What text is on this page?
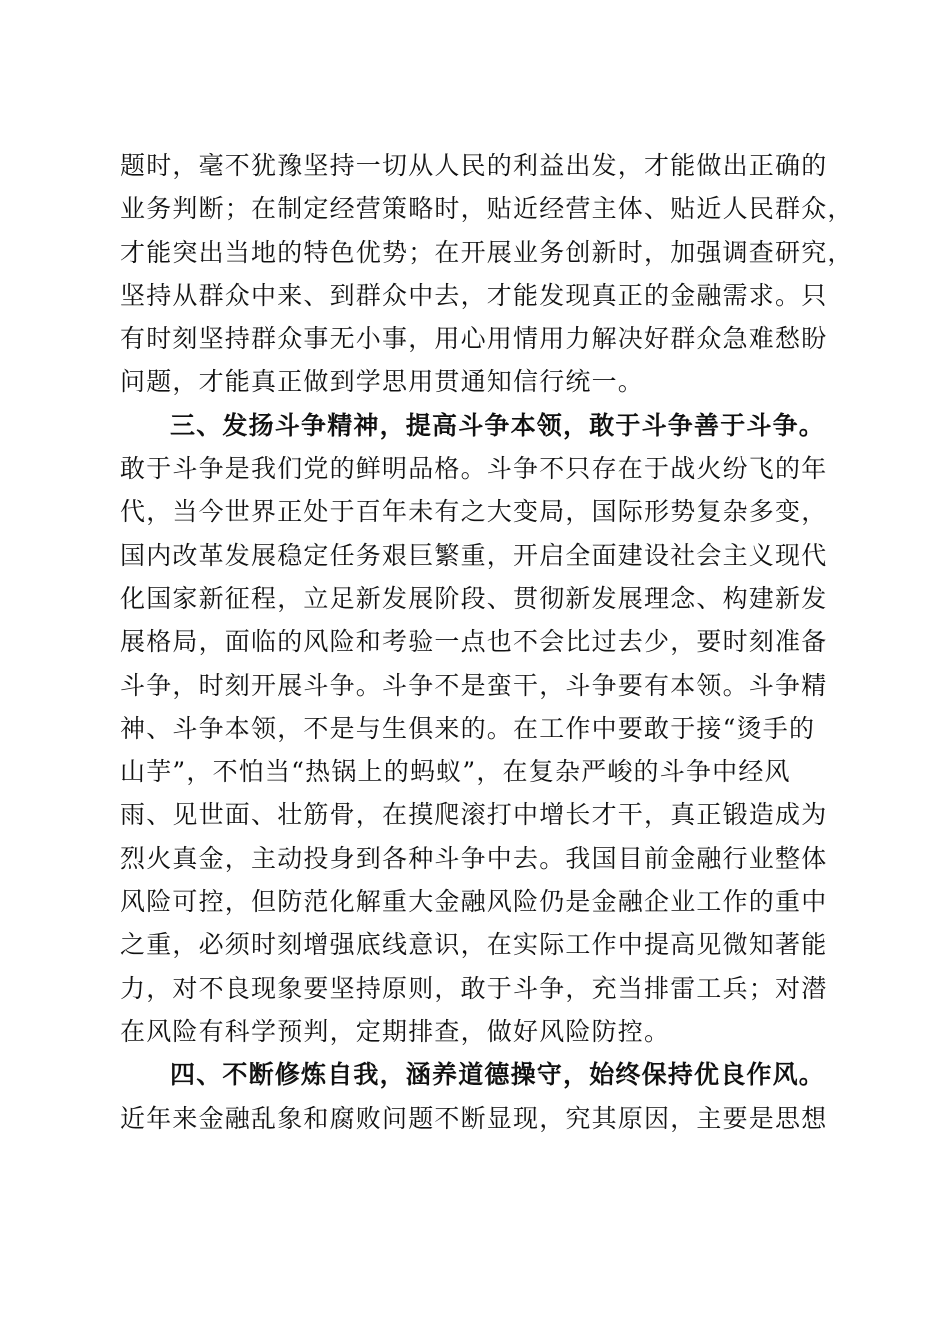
题时，毫不犹豫坚持一切从人民的利益出发，才能做出正确的
业务判断；在制定经营策略时，贴近经营主体、贴近人民群众，
才能突出当地的特色优势；在开展业务创新时，加强调查研究，
坚持从群众中来、到群众中去，才能发现真正的金融需求。只
有时刻坚持群众事无小事，用心用情用力解决好群众急难愁盼
问题，才能真正做到学思用贯通知信行统一。
三、发扬斗争精神，提高斗争本领，敢于斗争善于斗争。
敢于斗争是我们党的鲜明品格。斗争不只存在于战火纷飞的年
代，当今世界正处于百年未有之大变局，国际形势复杂多变，
国内改革发展稳定任务艰巨繁重，开启全面建设社会主义现代
化国家新征程，立足新发展阶段、贯彻新发展理念、构建新发
展格局，面临的风险和考验一点也不会比过去少，要时刻准备
斗争，时刻开展斗争。斗争不是蛮干，斗争要有本领。斗争精
神、斗争本领，不是与生俱来的。在工作中要敢于接“烫手的
山芋”，不怕当“热锅上的蚂蚁”，在复杂严峻的斗争中经风
雨、见世面、壮筋骨，在摸爬滚打中增长才干，真正锻造成为
烈火真金，主动投身到各种斗争中去。我国目前金融行业整体
风险可控，但防范化解重大金融风险仍是金融企业工作的重中
之重，必须时刻增强底线意识，在实际工作中提高见微知著能
力，对不良现象要坚持原则，敢于斗争，充当排雷工兵；对潜
在风险有科学预判，定期排查，做好风险防控。
四、不断修炼自我，涵养道德操守，始终保持优良作风。
近年来金融乱象和腐败问题不断显现，究其原因，主要是思想
